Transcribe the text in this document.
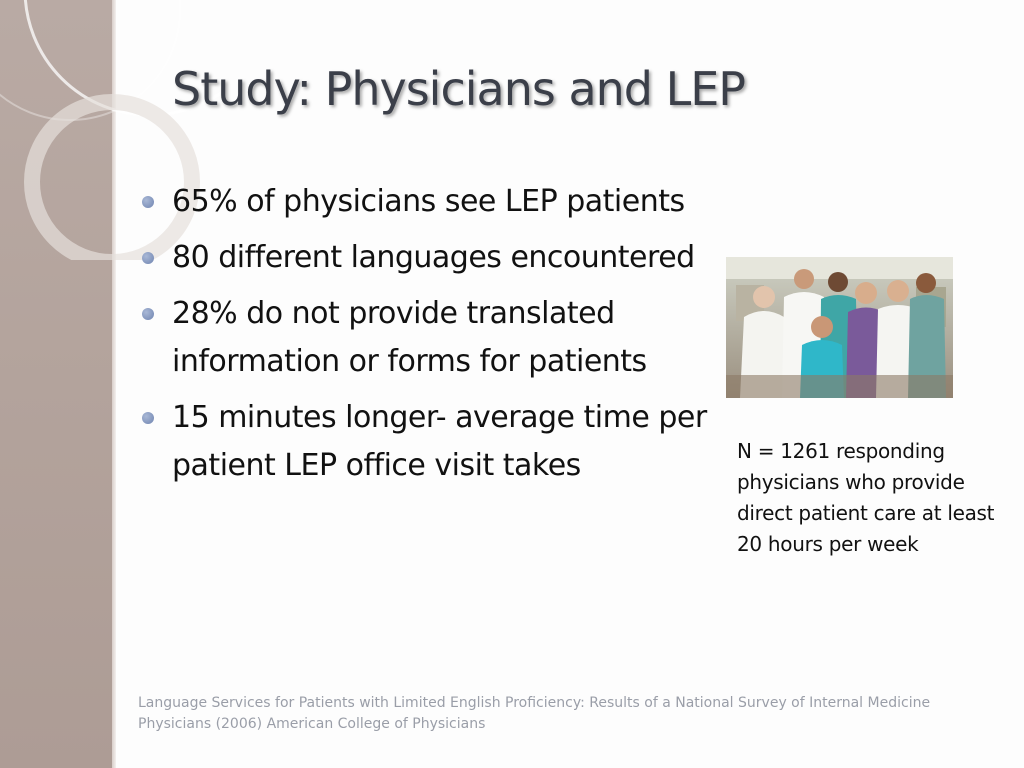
Study: Physicians and LEP
65% of physicians see LEP patients
80 different languages encountered
28% do not provide translated information or forms for patients
15 minutes longer- average time per patient LEP office visit takes	N = 1261 responding physicians who provide direct patient care at least 20 hours per week

Language Services for Patients with Limited English Proficiency: Results of a National Survey of Internal Medicine Physicians (2006) American College of Physicians
